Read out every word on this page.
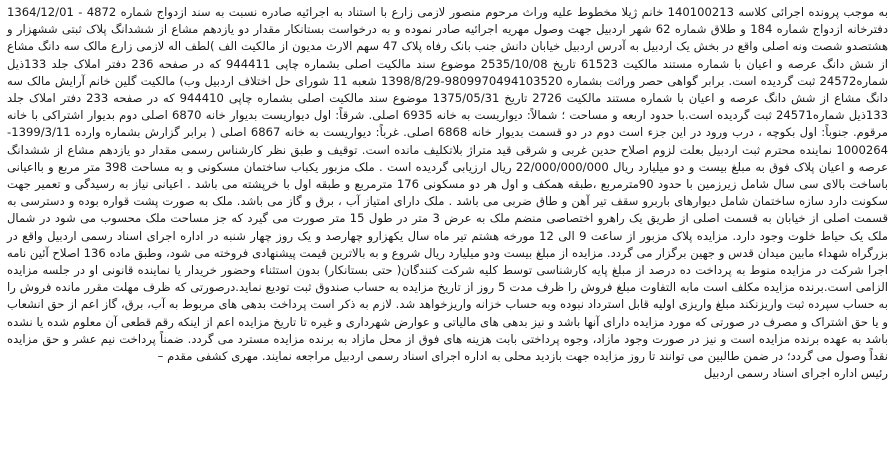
به موجب پرونده اجرائی کلاسه 140100213 خانم ژیلا مخطوط علیه وراث مرحوم منصور لازمی زارع با استناد به اجرائیه صادره نسبت به سند ازدواج شماره 4872 - 1364/12/01 دفترخانه ازدواج شماره 184 و طلاق شماره 62 شهر اردبیل جهت وصول مهریه اجرائیه صادر نموده و به درخواست بستانکار مقدار دو یازدهم مشاع از ششدانگ پلاک ثبتی ششهزار و هشتصدو شصت ونه اصلی واقع در بخش یک اردبیل به آدرس اردبیل خیابان دانش جنب بانک رفاه پلاک 47 سهم الارث مدیون از مالکیت الف )لطف اله لازمی زارع مالک سه دانگ مشاع از شش دانگ عرصه و اعیان با شماره مستند مالکیت 61523 تاریخ 2535/10/08 موضوع سند مالکیت اصلی بشماره چاپی 944411 که در صفحه 236 دفتر املاک جلد 133ذیل شماره24572 ثبت گردیده است. برابر گواهی حصر وراثت بشماره 9809970494103520-1398/8/29 شعبه 11 شورای حل اختلاف اردبیل وب) مالکیت گلین خانم آرایش مالک سه دانگ مشاع از شش دانگ عرصه و اعیان با شماره مستند مالکیت 2726 تاریخ 1375/05/31 موضوع سند مالکیت اصلی بشماره چاپی 944410 که در صفحه 233 دفتر املاک جلد 133ذیل شماره24571 ثبت گردیده است.با حدود اربعه و مساحت ؛ شمالاً: دیواریست به خانه 6935 اصلی. شرقاً: اول دیواریست بدیوار خانه 6870 اصلی دوم بدیوار اشتراکی با خانه مرقوم. جنوباً: اول بکوچه ، درب ورود در این جزء است دوم در دو قسمت بدیوار خانه 6868 اصلی. غرباً: دیواریست به خانه 6867 اصلی ( برابر گزارش بشماره وارده 1399/3/11-1000264 نماینده محترم ثبت اردبیل بعلت لزوم اصلاح حدین غربی و شرقی قید متراژ بلاتکلیف مانده است. توقیف و طبق نظر کارشناس رسمی مقدار دو یازدهم مشاع از ششدانگ عرصه و اعیان پلاک فوق به مبلغ بیست و دو میلیارد ریال 22/000/000/000 ریال ارزیابی گردیده است . ملک مزبور یکباب ساختمان مسکونی و به مساحت 398 متر مربع و بااعیانی باساخت بالای سی سال شامل زیرزمین با حدود 90مترمربع ،طبقه همکف و اول هر دو مسکونی 176 مترمربع و طبقه اول با خرپشته می باشد . اعیانی نیاز به رسیدگی و تعمیر جهت سکونت دارد سازه ساختمان شامل دیوارهای باربرو سقف تیر آهن و طاق ضربی می باشد . ملک دارای امتیاز آب ، برق و گاز می باشد. ملک به صورت پشت قواره بوده و دسترسی به قسمت اصلی از خیابان به قسمت اصلی از طریق یک راهرو اختصاصی منضم ملک به عرض 3 متر در طول 15 متر صورت می گیرد که جز مساحت ملک محسوب می شود در شمال ملک یک حیاط خلوت وجود دارد. مزایده پلاک مزبور از ساعت 9 الی 12 مورخه هشتم تیر ماه سال یکهزارو چهارصد و یک روز چهار شنبه در اداره اجرای اسناد رسمی اردبیل واقع در بزرگراه شهداء مابین میدان قدس و جهین برگزار می گردد. مزایده از مبلغ بیست ودو میلیارد ریال شروع و به بالاترین قیمت پیشنهادی فروخته می شود، وطبق ماده 136 اصلاح آئین نامه اجرا شرکت در مزایده منوط به پرداخت ده درصد از مبلغ پایه کارشناسی توسط کلیه شرکت کنندگان( حتی بستانکار) بدون استثناء وحضور خریدار یا نماینده قانونی او در جلسه مزایده الزامی است.برنده مزایده مکلف است مابه التفاوت مبلغ فروش را ظرف مدت 5 روز از تاریخ مزایده به حساب صندوق ثبت تودیع نماید.درصورتی که ظرف مهلت مقرر مانده فروش را به حساب سپرده ثبت واریزنکند مبلغ واریزی اولیه قابل استرداد نبوده وبه حساب خزانه واریزخواهد شد. لازم به ذکر است پرداخت بدهی های مربوط به آب، برق، گاز اعم از حق انشعاب و یا حق اشتراک و مصرف در صورتی که مورد مزایده دارای آنها باشد و نیز بدهی های مالیاتی و عوارض شهرداری و غیره تا تاریخ مزایده اعم از اینکه رقم قطعی آن معلوم شده یا نشده باشد به عهده برنده مزایده است و نیز در صورت وجود مازاد، وجوه پرداختی بابت هزینه های فوق از محل مازاد به برنده مزایده مسترد می گردد. ضمناً پرداخت نیم عشر و حق مزایده نقداً وصول می گردد؛ در ضمن طالبین می توانند تا روز مزایده جهت بازدید محلی به اداره اجرای اسناد رسمی اردبیل مراجعه نمایند. مهری کشفی مقدم –

رئیس اداره اجرای اسناد رسمی اردبیل
